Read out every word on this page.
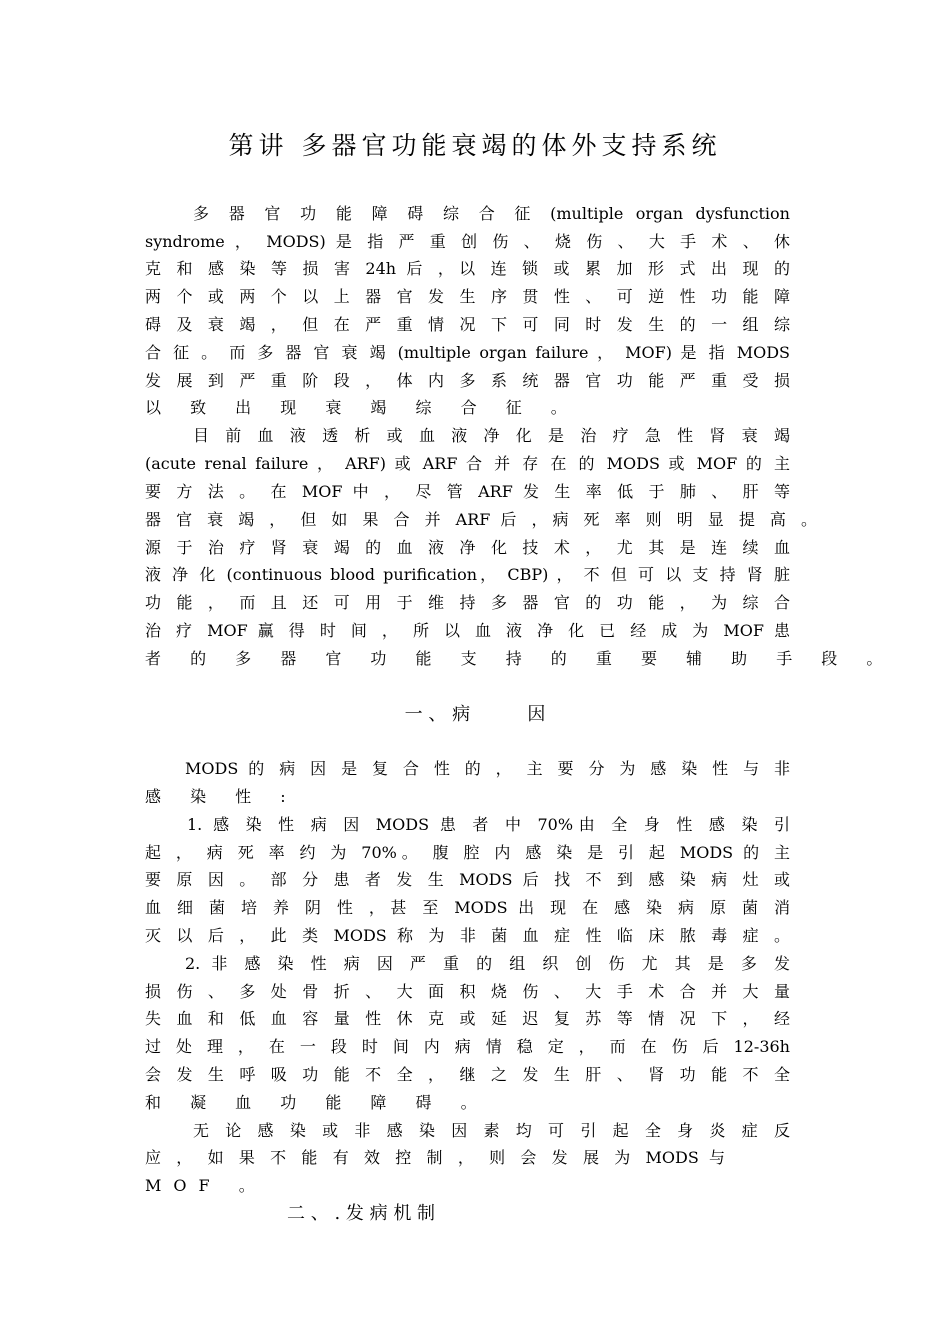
第讲 多器官功能衰竭的体外支持系统
多 器 官 功 能 障 碍 综 合 征 (multiple organ dysfunction
syndrome ， MODS) 是 指 严 重 创 伤 、 烧 伤 、 大 手 术 、 休
克 和 感 染 等 损 害 24h 后 ，以 连 锁 或 累 加 形 式 出 现 的
两 个 或 两 个 以 上 器 官 发 生 序 贯 性 、 可 逆 性 功 能 障
碍 及 衰 竭 ， 但 在 严 重 情 况 下 可 同 时 发 生 的 一 组 综
合 征 。 而 多 器 官 衰 竭 (multiple organ failure ， MOF) 是 指 MODS
发 展 到 严 重 阶 段 ， 体 内 多 系 统 器 官 功 能 严 重 受 损
以 致 出 现 衰 竭 综 合 征 。
目 前 血 液 透 析 或 血 液 净 化 是 治 疗 急 性 肾 衰 竭
(acute renal failure ， ARF) 或 ARF 合 并 存 在 的 MODS 或 MOF 的 主
要 方 法 。 在 MOF 中 ， 尽 管 ARF 发 生 率 低 于 肺 、 肝 等
器 官 衰 竭 ， 但 如 果 合 并 ARF 后 ，病 死 率 则 明 显 提 高 。
源 于 治 疗 肾 衰 竭 的 血 液 净 化 技 术 ， 尤 其 是 连 续 血
液 净 化 (continuous blood purification， CBP) ， 不 但 可 以 支 持 肾 脏
功 能 ， 而 且 还 可 用 于 维 持 多 器 官 的 功 能 ， 为 综 合
治 疗 MOF 赢 得 时 间 ， 所 以 血 液 净 化 已 经 成 为 MOF 患
者 的 多 器 官 功 能 支 持 的 重 要 辅 助 手 段 。
一 、 病          因
MODS 的 病 因 是 复 合 性 的 ， 主 要 分 为 感 染 性 与 非
感 染 性 :
1. 感 染 性 病 因 MODS 患 者 中 70%由 全 身 性 感 染 引
起 ， 病 死 率 约 为 70%。 腹 腔 内 感 染 是 引 起 MODS 的 主
要 原 因 。 部 分 患 者 发 生 MODS 后 找 不 到 感 染 病 灶 或
血 细 菌 培 养 阴 性 ，甚 至 MODS 出 现 在 感 染 病 原 菌 消
灭 以 后 ， 此 类 MODS 称 为 非 菌 血 症 性 临 床 脓 毒 症 。
2. 非 感 染 性 病 因 严 重 的 组 织 创 伤 尤 其 是 多 发
损 伤 、 多 处 骨 折 、 大 面 积 烧 伤 、 大 手 术 合 并 大 量
失 血 和 低 血 容 量 性 休 克 或 延 迟 复 苏 等 情 况 下 ， 经
过 处 理 ， 在 一 段 时 间 内 病 情 稳 定 ， 而 在 伤 后 12-36h
会 发 生 呼 吸 功 能 不 全 ， 继 之 发 生 肝 、 肾 功 能 不 全
和 凝 血 功 能 障 碍 。
无 论 感 染 或 非 感 染 因 素 均 可 引 起 全 身 炎 症 反
应 ， 如 果 不 能 有 效 控 制 ， 则 会 发 展 为 MODS 与
MOF 。
二 、 . 发 病 机 制
